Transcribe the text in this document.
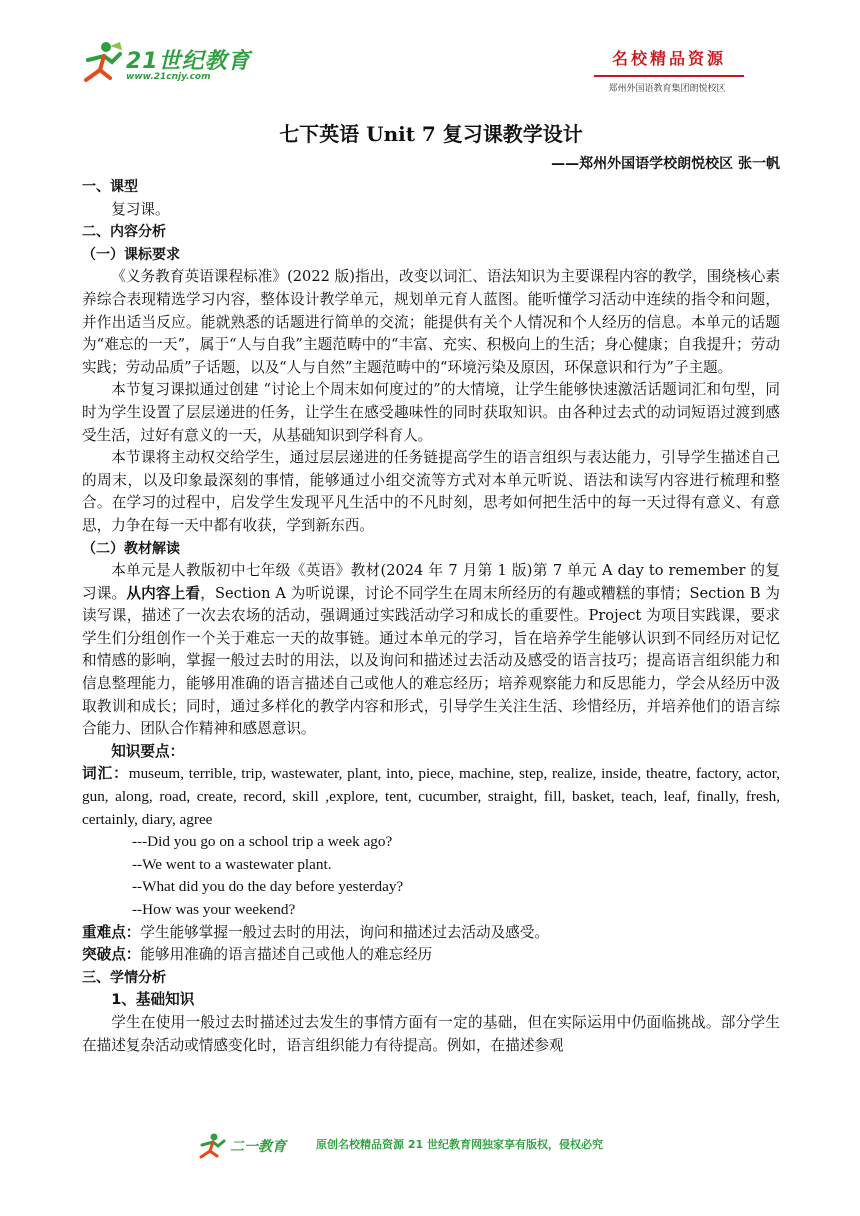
21世纪教育
www.21cnjy.com
名校精品资源
郑州外国语教育集团朗悦校区
七下英语 Unit 7 复习课教学设计
——郑州外国语学校朗悦校区 张一帆
一、课型
复习课。
二、内容分析
（一）课标要求

《义务教育英语课程标准》(2022 版)指出，改变以词汇、语法知识为主要课程内容的教学，围绕核心素养综合表现精选学习内容，整体设计教学单元，规划单元育人蓝图。能听懂学习活动中连续的指令和问题，并作出适当反应。能就熟悉的话题进行简单的交流；能提供有关个人情况和个人经历的信息。本单元的话题为“难忘的一天”，属于“人与自我”主题范畴中的“丰富、充实、积极向上的生活；身心健康；自我提升；劳动实践；劳动品质”子话题，以及“人与自然”主题范畴中的“环境污染及原因，环保意识和行为”子主题。

本节复习课拟通过创建 “讨论上个周末如何度过的”的大情境，让学生能够快速激活话题词汇和句型，同时为学生设置了层层递进的任务，让学生在感受趣味性的同时获取知识。由各种过去式的动词短语过渡到感受生活，过好有意义的一天，从基础知识到学科育人。

本节课将主动权交给学生，通过层层递进的任务链提高学生的语言组织与表达能力，引导学生描述自己的周末，以及印象最深刻的事情，能够通过小组交流等方式对本单元听说、语法和读写内容进行梳理和整合。在学习的过程中，启发学生发现平凡生活中的不凡时刻，思考如何把生活中的每一天过得有意义、有意思，力争在每一天中都有收获，学到新东西。

（二）教材解读

本单元是人教版初中七年级《英语》教材(2024 年 7 月第 1 版)第 7 单元 A day to remember 的复习课。从内容上看，Section A 为听说课，讨论不同学生在周末所经历的有趣或糟糕的事情；Section B 为读写课，描述了一次去农场的活动，强调通过实践活动学习和成长的重要性。Project 为项目实践课，要求学生们分组创作一个关于难忘一天的故事链。通过本单元的学习，旨在培养学生能够认识到不同经历对记忆和情感的影响，掌握一般过去时的用法，以及询问和描述过去活动及感受的语言技巧；提高语言组织能力和信息整理能力，能够用准确的语言描述自己或他人的难忘经历；培养观察能力和反思能力，学会从经历中汲取教训和成长；同时，通过多样化的教学内容和形式，引导学生关注生活、珍惜经历，并培养他们的语言综合能力、团队合作精神和感恩意识。

知识要点：

词汇：museum, terrible, trip, wastewater, plant, into, piece, machine, step, realize, inside, theatre, factory, actor, gun, along, road, create, record, skill ,explore, tent, cucumber, straight, fill, basket, teach, leaf, finally, fresh, certainly, diary, agree

---Did you go on a school trip a week ago?
--We went to a wastewater plant.
--What did you do the day before yesterday?
--How was your weekend?

重难点：学生能够掌握一般过去时的用法，询问和描述过去活动及感受。

突破点：能够用准确的语言描述自己或他人的难忘经历

三、学情分析
1、基础知识

学生在使用一般过去时描述过去发生的事情方面有一定的基础，但在实际运用中仍面临挑战。部分学生在描述复杂活动或情感变化时，语言组织能力有待提高。例如，在描述参观

二一教育	原创名校精品资源 21 世纪教育网独家享有版权，侵权必究
